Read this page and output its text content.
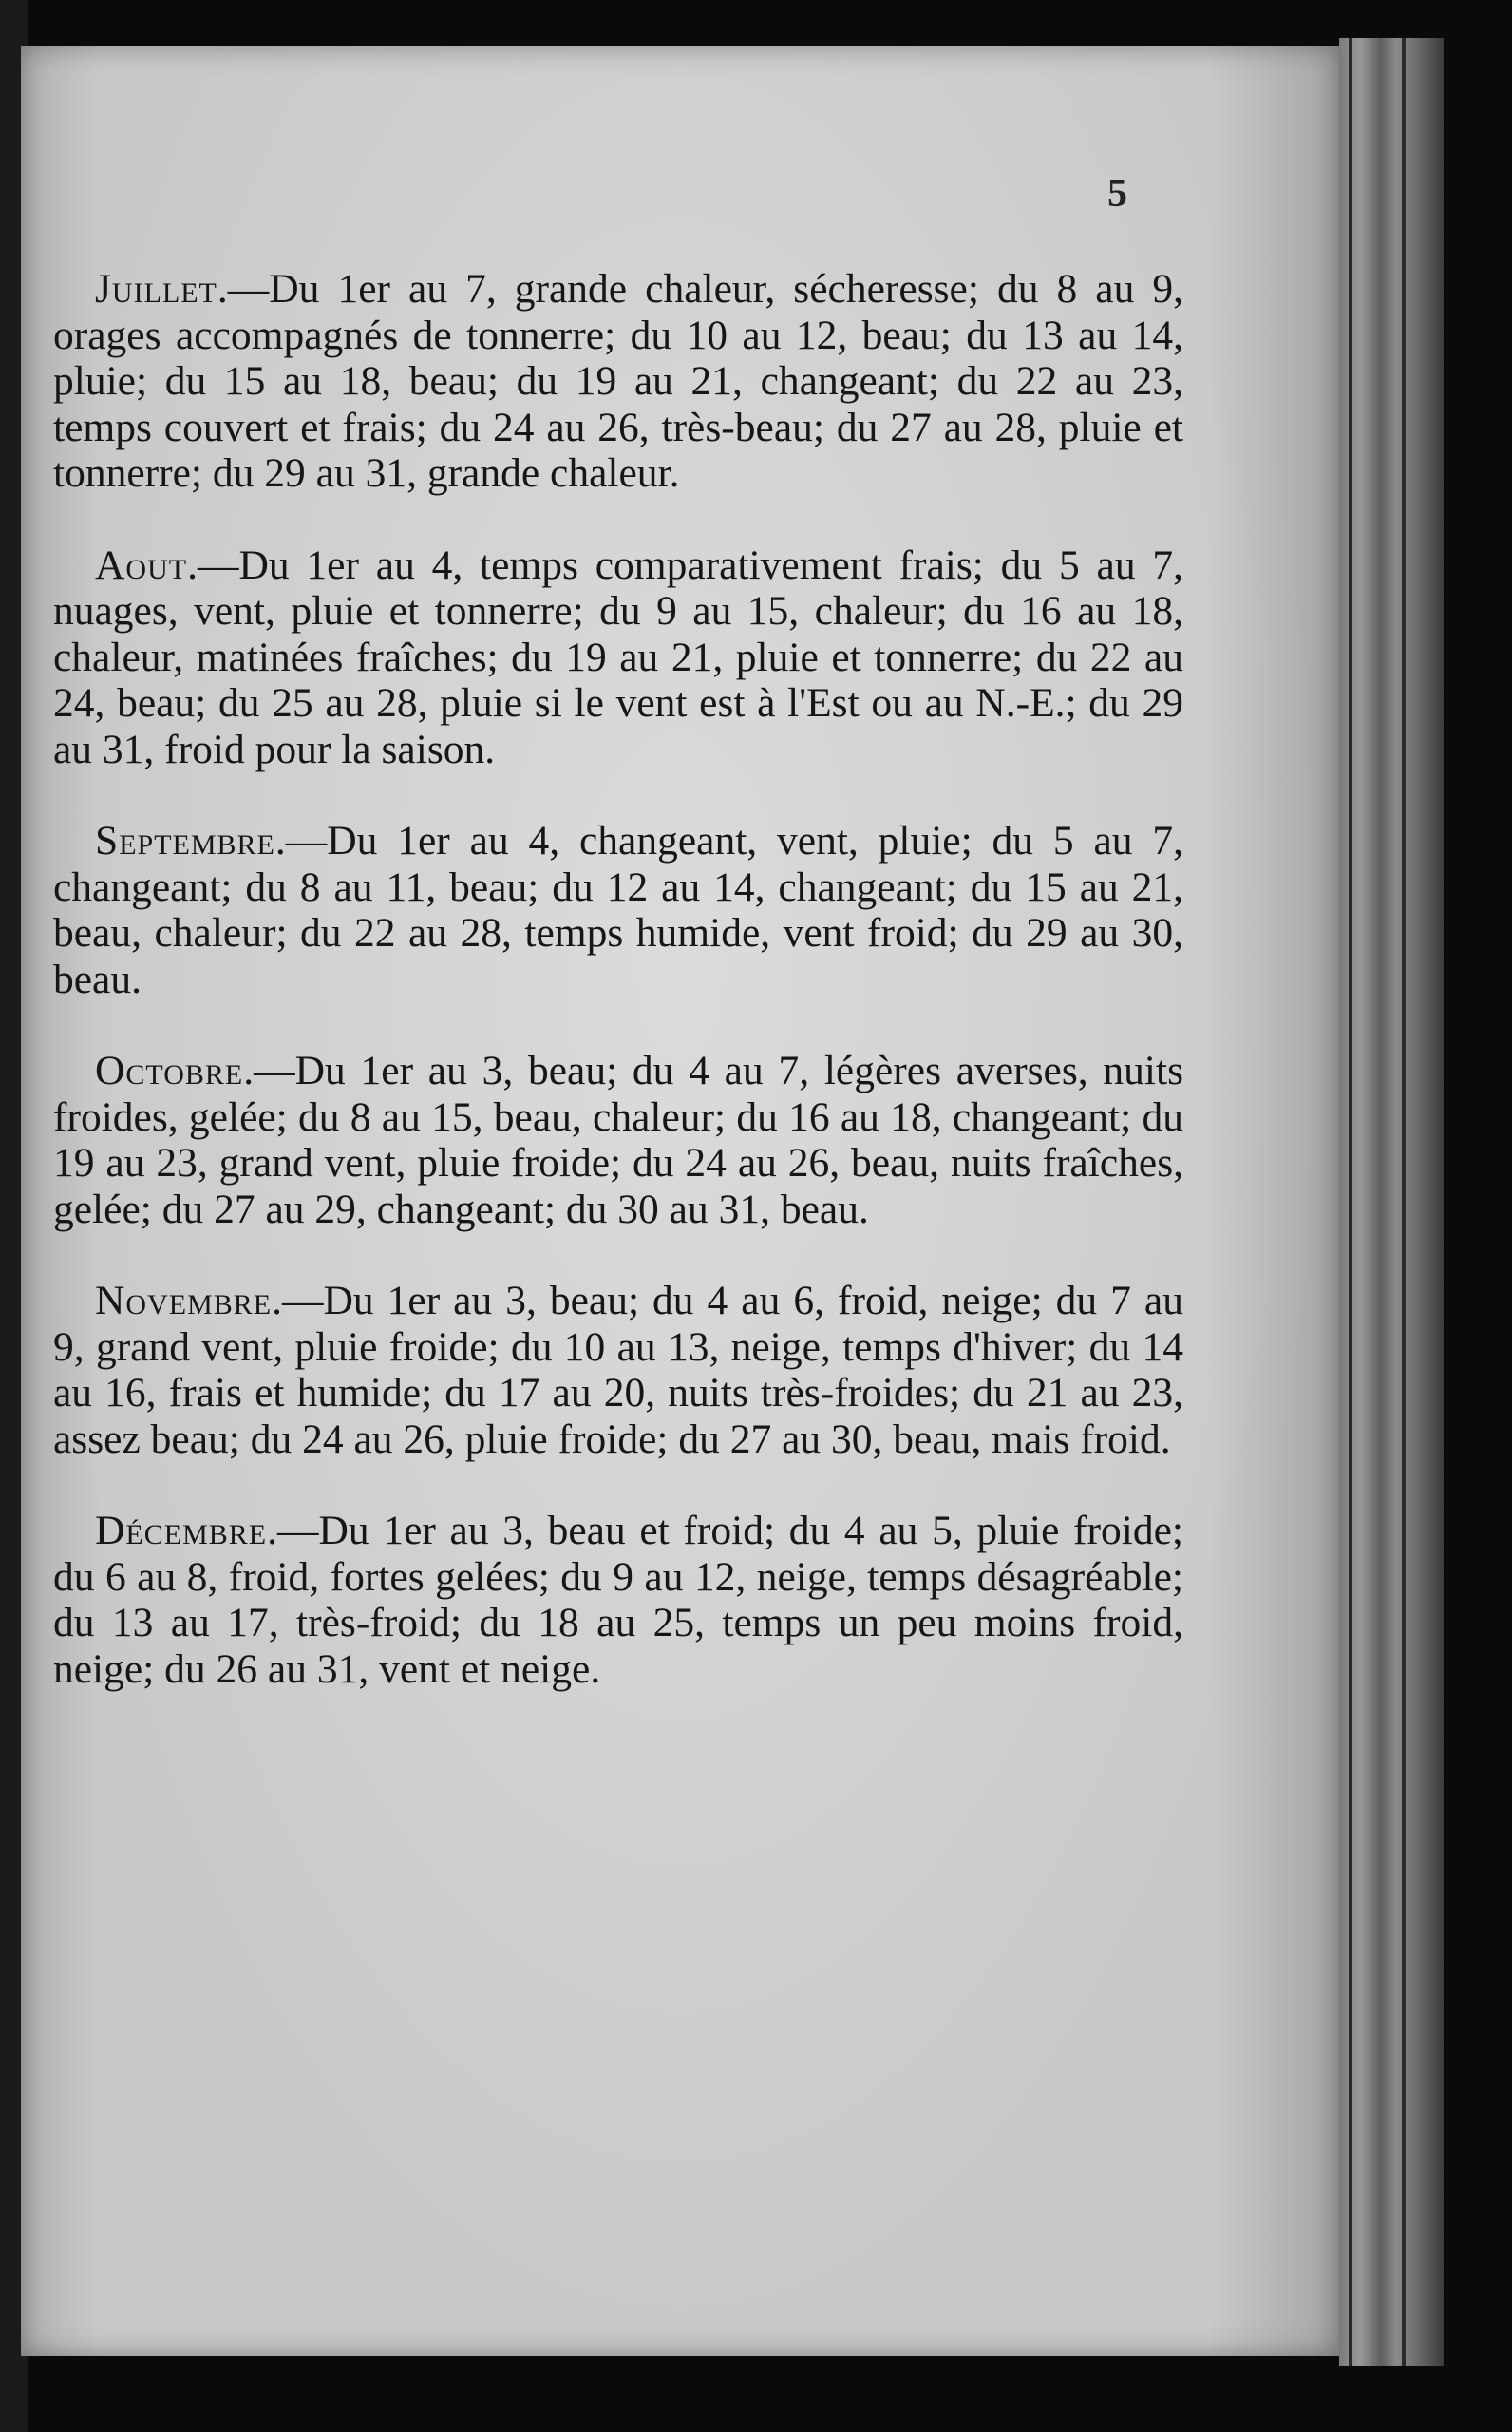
5

Juillet.—Du 1er au 7, grande chaleur, sécheresse; du 8 au 9, orages accompagnés de tonnerre; du 10 au 12, beau; du 13 au 14, pluie; du 15 au 18, beau; du 19 au 21, changeant; du 22 au 23, temps couvert et frais; du 24 au 26, très-beau; du 27 au 28, pluie et tonnerre; du 29 au 31, grande chaleur.

Aout.—Du 1er au 4, temps comparativement frais; du 5 au 7, nuages, vent, pluie et tonnerre; du 9 au 15, chaleur; du 16 au 18, chaleur, matinées fraîches; du 19 au 21, pluie et tonnerre; du 22 au 24, beau; du 25 au 28, pluie si le vent est à l'Est ou au N.-E.; du 29 au 31, froid pour la saison.

Septembre.—Du 1er au 4, changeant, vent, pluie; du 5 au 7, changeant; du 8 au 11, beau; du 12 au 14, changeant; du 15 au 21, beau, chaleur; du 22 au 28, temps humide, vent froid; du 29 au 30, beau.

Octobre.—Du 1er au 3, beau; du 4 au 7, légères averses, nuits froides, gelée; du 8 au 15, beau, chaleur; du 16 au 18, changeant; du 19 au 23, grand vent, pluie froide; du 24 au 26, beau, nuits fraîches, gelée; du 27 au 29, changeant; du 30 au 31, beau.

Novembre.—Du 1er au 3, beau; du 4 au 6, froid, neige; du 7 au 9, grand vent, pluie froide; du 10 au 13, neige, temps d'hiver; du 14 au 16, frais et humide; du 17 au 20, nuits très-froides; du 21 au 23, assez beau; du 24 au 26, pluie froide; du 27 au 30, beau, mais froid.

Décembre.—Du 1er au 3, beau et froid; du 4 au 5, pluie froide; du 6 au 8, froid, fortes gelées; du 9 au 12, neige, temps désagréable; du 13 au 17, très-froid; du 18 au 25, temps un peu moins froid, neige; du 26 au 31, vent et neige.
